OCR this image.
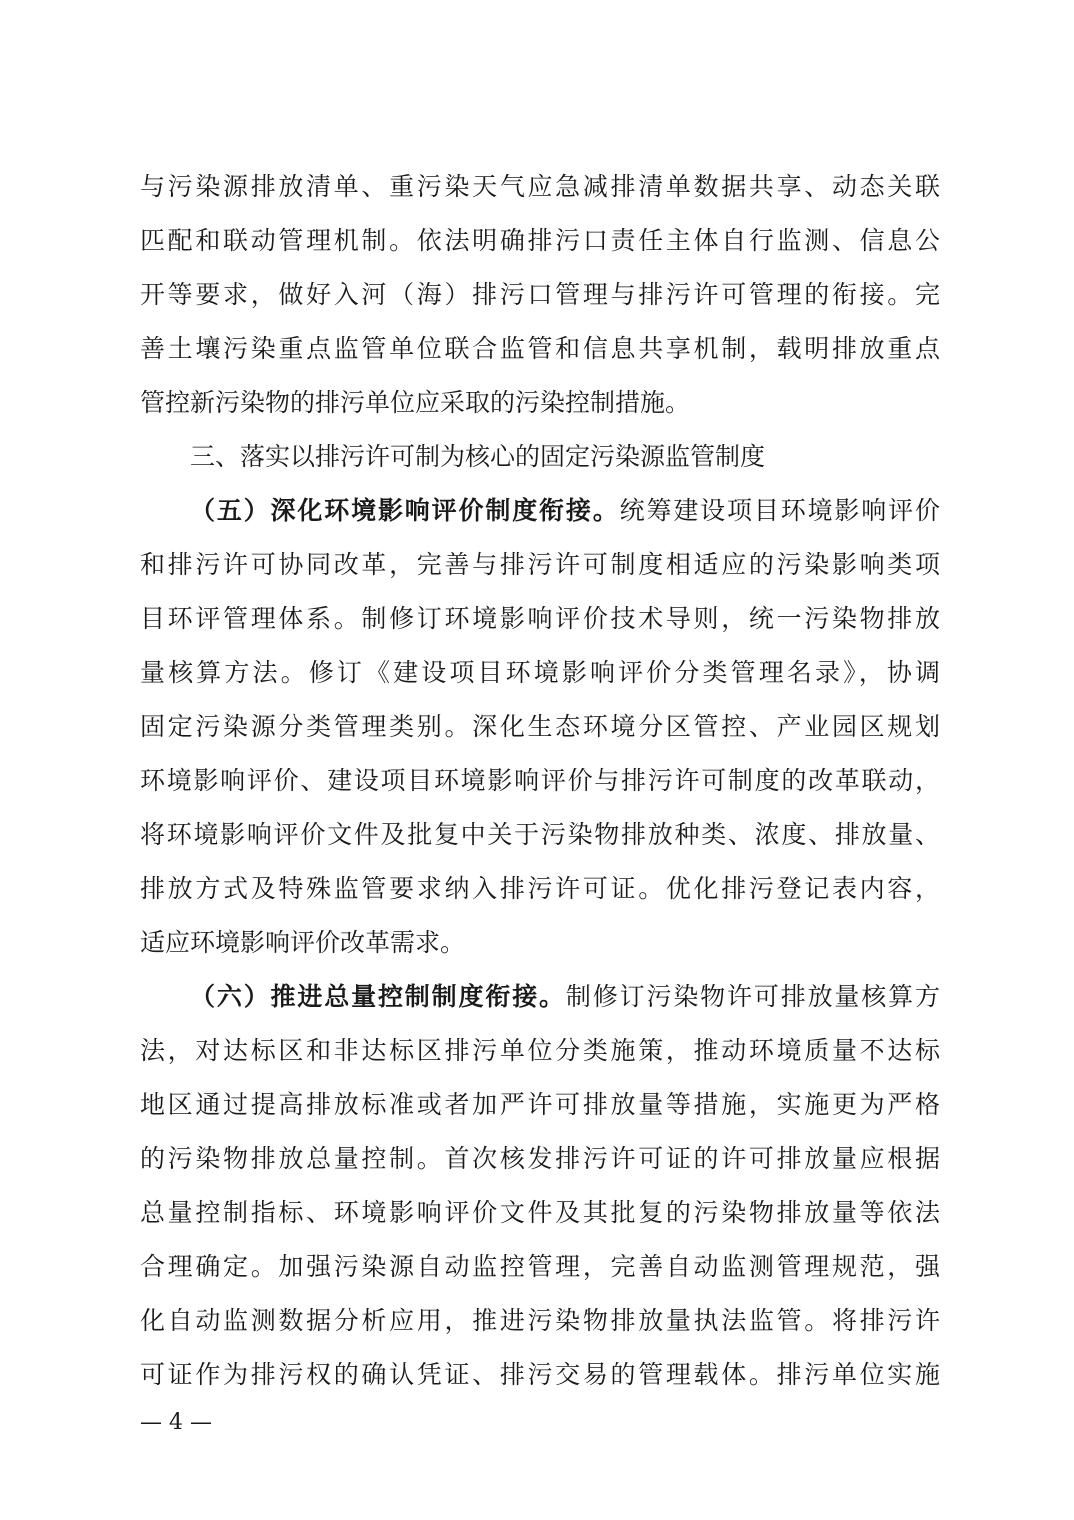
与污染源排放清单、重污染天气应急减排清单数据共享、动态关联
匹配和联动管理机制。依法明确排污口责任主体自行监测、信息公
开等要求，做好入河（海）排污口管理与排污许可管理的衔接。完
善土壤污染重点监管单位联合监管和信息共享机制，载明排放重点
管控新污染物的排污单位应采取的污染控制措施。
三、落实以排污许可制为核心的固定污染源监管制度
（五）深化环境影响评价制度衔接。统筹建设项目环境影响评价
和排污许可协同改革，完善与排污许可制度相适应的污染影响类项
目环评管理体系。制修订环境影响评价技术导则，统一污染物排放
量核算方法。修订《建设项目环境影响评价分类管理名录》，协调
固定污染源分类管理类别。深化生态环境分区管控、产业园区规划
环境影响评价、建设项目环境影响评价与排污许可制度的改革联动，
将环境影响评价文件及批复中关于污染物排放种类、浓度、排放量、
排放方式及特殊监管要求纳入排污许可证。优化排污登记表内容，
适应环境影响评价改革需求。
（六）推进总量控制制度衔接。制修订污染物许可排放量核算方
法，对达标区和非达标区排污单位分类施策，推动环境质量不达标
地区通过提高排放标准或者加严许可排放量等措施，实施更为严格
的污染物排放总量控制。首次核发排污许可证的许可排放量应根据
总量控制指标、环境影响评价文件及其批复的污染物排放量等依法
合理确定。加强污染源自动监控管理，完善自动监测管理规范，强
化自动监测数据分析应用，推进污染物排放量执法监管。将排污许
可证作为排污权的确认凭证、排污交易的管理载体。排污单位实施
— 4 —
